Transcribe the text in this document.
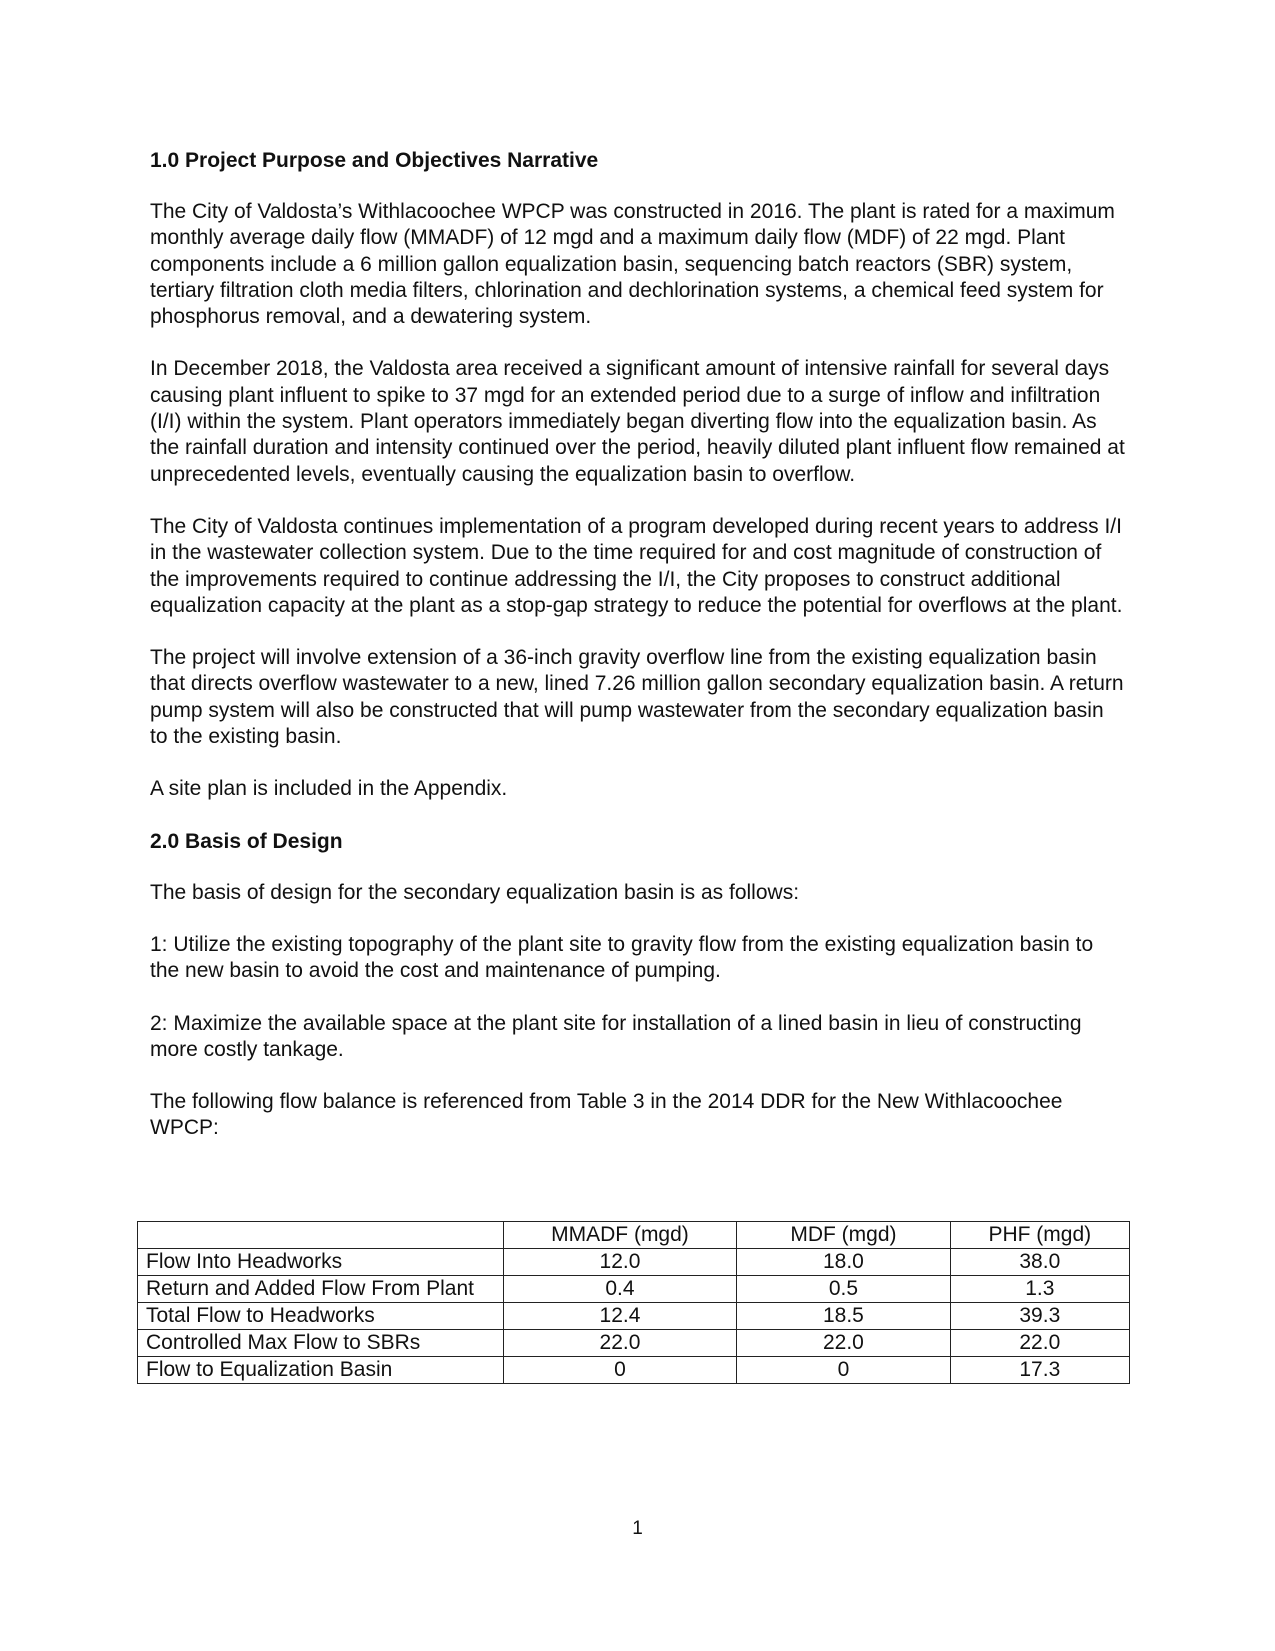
1.0 Project Purpose and Objectives Narrative

The City of Valdosta’s Withlacoochee WPCP was constructed in 2016. The plant is rated for a maximum monthly average daily flow (MMADF) of 12 mgd and a maximum daily flow (MDF) of 22 mgd. Plant components include a 6 million gallon equalization basin, sequencing batch reactors (SBR) system, tertiary filtration cloth media filters, chlorination and dechlorination systems, a chemical feed system for phosphorus removal, and a dewatering system.

In December 2018, the Valdosta area received a significant amount of intensive rainfall for several days causing plant influent to spike to 37 mgd for an extended period due to a surge of inflow and infiltration (I/I) within the system. Plant operators immediately began diverting flow into the equalization basin. As the rainfall duration and intensity continued over the period, heavily diluted plant influent flow remained at unprecedented levels, eventually causing the equalization basin to overflow.

The City of Valdosta continues implementation of a program developed during recent years to address I/I in the wastewater collection system. Due to the time required for and cost magnitude of construction of the improvements required to continue addressing the I/I, the City proposes to construct additional equalization capacity at the plant as a stop-gap strategy to reduce the potential for overflows at the plant.

The project will involve extension of a 36-inch gravity overflow line from the existing equalization basin that directs overflow wastewater to a new, lined 7.26 million gallon secondary equalization basin. A return pump system will also be constructed that will pump wastewater from the secondary equalization basin to the existing basin.

A site plan is included in the Appendix.

2.0 Basis of Design

The basis of design for the secondary equalization basin is as follows:

1: Utilize the existing topography of the plant site to gravity flow from the existing equalization basin to the new basin to avoid the cost and maintenance of pumping.

2: Maximize the available space at the plant site for installation of a lined basin in lieu of constructing more costly tankage.

The following flow balance is referenced from Table 3 in the 2014 DDR for the New Withlacoochee WPCP:

	MMADF (mgd)	MDF (mgd)	PHF (mgd)
Flow Into Headworks	12.0	18.0	38.0
Return and Added Flow From Plant	0.4	0.5	1.3
Total Flow to Headworks	12.4	18.5	39.3
Controlled Max Flow to SBRs	22.0	22.0	22.0
Flow to Equalization Basin	0	0	17.3
1
